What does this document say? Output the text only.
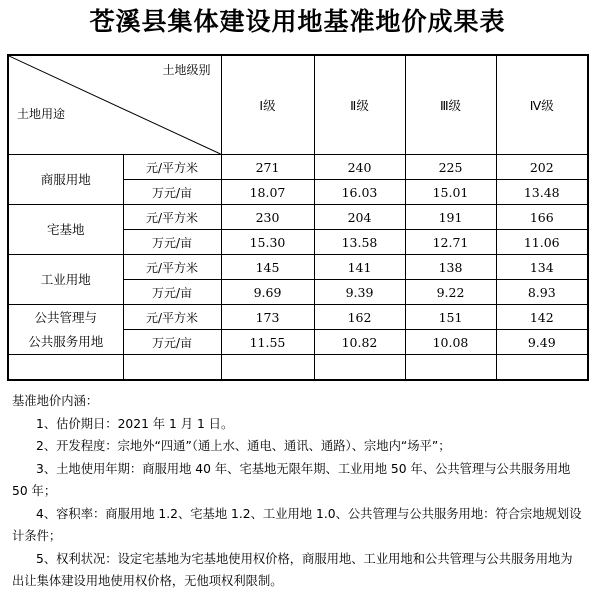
苍溪县集体建设用地基准地价成果表
土地级别
土地用途		Ⅰ级	Ⅱ级	Ⅲ级	Ⅳ级
商服用地	元/平方米	271	240	225	202
	万元/亩	18.07	16.03	15.01	13.48
宅基地	元/平方米	230	204	191	166
	万元/亩	15.30	13.58	12.71	11.06
工业用地	元/平方米	145	141	138	134
	万元/亩	9.69	9.39	9.22	8.93

公共管理与
公共服务用地	元/平方米	173	162	151	142
	万元/亩	11.55	10.82	10.08	9.49

基准地价内涵：

1、估价期日：2021 年 1 月 1 日。

2、开发程度：宗地外“四通”（通上水、通电、通讯、通路）、宗地内“场平”；

3、土地使用年期：商服用地 40 年、宅基地无限年期、工业用地 50 年、公共管理与公共服务用地 50 年；

4、容积率：商服用地 1.2、宅基地 1.2、工业用地 1.0、公共管理与公共服务用地：符合宗地规划设计条件；

5、权利状况：设定宅基地为宅基地使用权价格，商服用地、工业用地和公共管理与公共服务用地为出让集体建设用地使用权价格，无他项权利限制。
